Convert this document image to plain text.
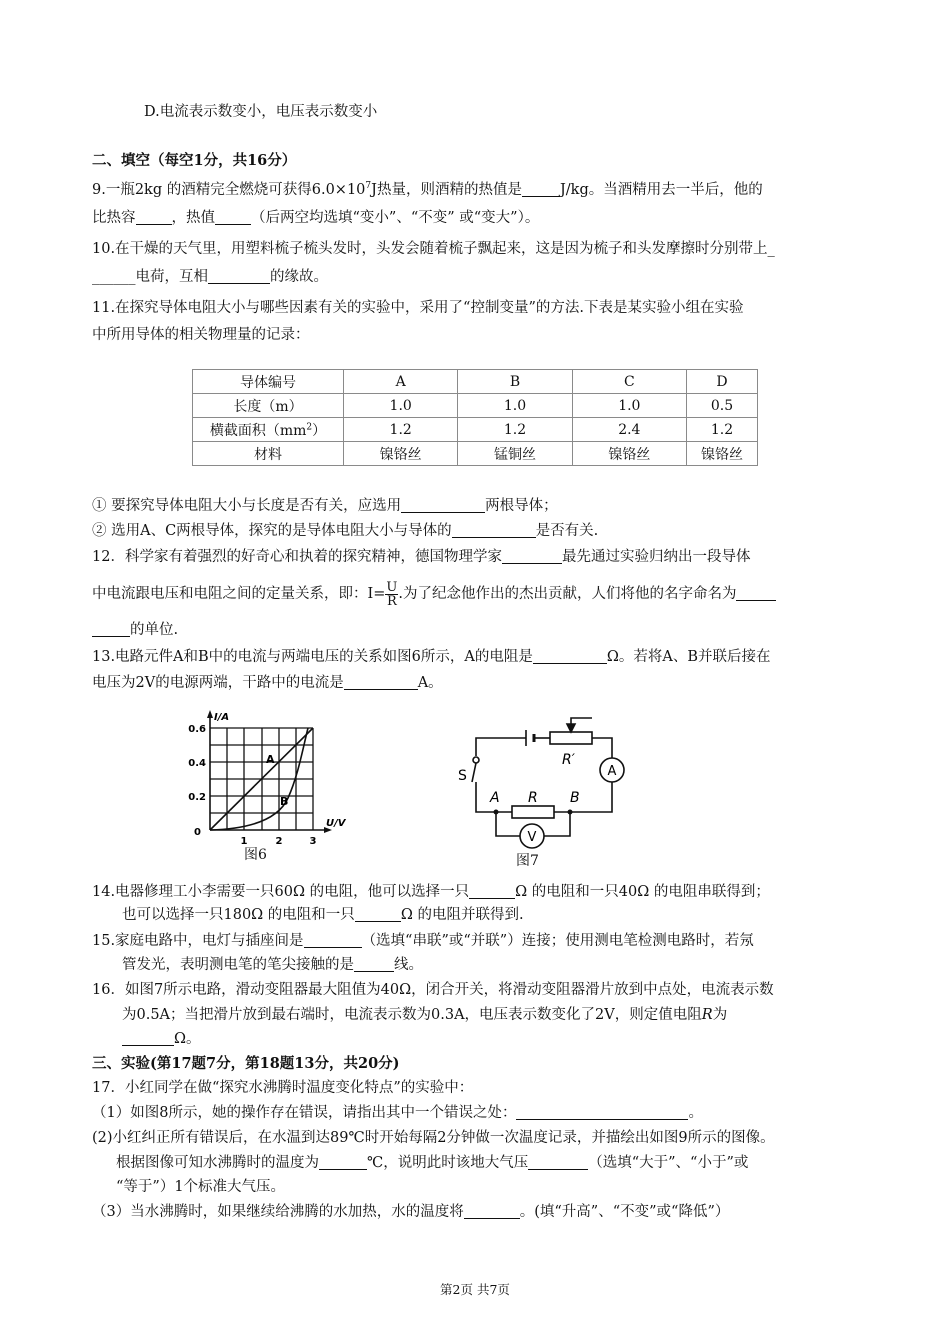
D.电流表示数变小，电压表示数变小
二、填空（每空1分，共16分）
9.一瓶2kg 的酒精完全燃烧可获得$6.0\times 10^7J$热量，则酒精的热值是	J/kg。当酒精用去一半后，他的
比热容 ，热值 （后两空均选填“变小”、“不变” 或“变大”）。
10.在干燥的天气里，用塑料梳子梳头发时，头发会随着梳子飘起来，这是因为梳子和头发摩擦时分别带上_
______电荷，互相	的缘故。
11.在探究导体电阻大小与哪些因素有关的实验中，采用了“控制变量”的方法.下表是某实验小组在实验
中所用导体的相关物理量的记录：
导体编号	A	B	C	D
长度（m）	1.0	1.0	1.0	0.5
横截面积$(mm^2)$	1.2	1.2	2.4	1.2
材料	镍铬丝	锰铜丝	镍铬丝	镍铬丝
① 要探究导体电阻大小与长度是否有关，应选用	两根导体；
② 选用A、C两根导体，探究的是导体电阻大小与导体的	是否有关.
12．科学家有着强烈的好奇心和执着的探究精神，德国物理学家	最先通过实验归纳出一段导体
中电流跟电压和电阻之间的定量关系，即：$I= \frac{U}{R}$ .为了纪念他作出的杰出贡献，人们将他的名字命名为
的单位.
13.电路元件A和B中的电流与两端电压的关系如图6所示，A的电阻是	Ω。若将A、B并联后接在
电压为2V的电源两端，干路中的电流是	A。
I/A
0.6
0.4
0.2
0
1	2	3
U/V
A
B
图6
R′
A
S
A R B
V
图7
14.电器修理工小李需要一只60Ω 的电阻，他可以选择一只	Ω 的电阻和一只40Ω 的电阻串联得到；
也可以选择一只180Ω 的电阻和一只	Ω 的电阻并联得到.
15.家庭电路中，电灯与插座间是	（选填“串联”或“并联”）连接；使用测电笔检测电路时，若氖
管发光，表明测电笔的笔尖接触的是	线。
16．如图7所示电路，滑动变阻器最大阻值为40Ω，闭合开关，将滑动变阻器滑片放到中点处，电流表示数
为0.5A；当把滑片放到最右端时，电流表示数为0.3A，电压表示数变化了2V，则定值电阻R为
Ω。
三、实验(第17题7分，第18题13分，共20分)
17．小红同学在做“探究水沸腾时温度变化特点”的实验中：
（1）如图8所示，她的操作存在错误，请指出其中一个错误之处：	。
(2)小红纠正所有错误后，在水温到达89℃时开始每隔2分钟做一次温度记录，并描绘出如图9所示的图像。
根据图像可知水沸腾时的温度为	℃，说明此时该地大气压	（选填“大于”、“小于”或
“等于”）1个标准大气压。
（3）当水沸腾时，如果继续给沸腾的水加热，水的温度将	。(填“升高”、“不变”或“降低”）
第2页 共7页
